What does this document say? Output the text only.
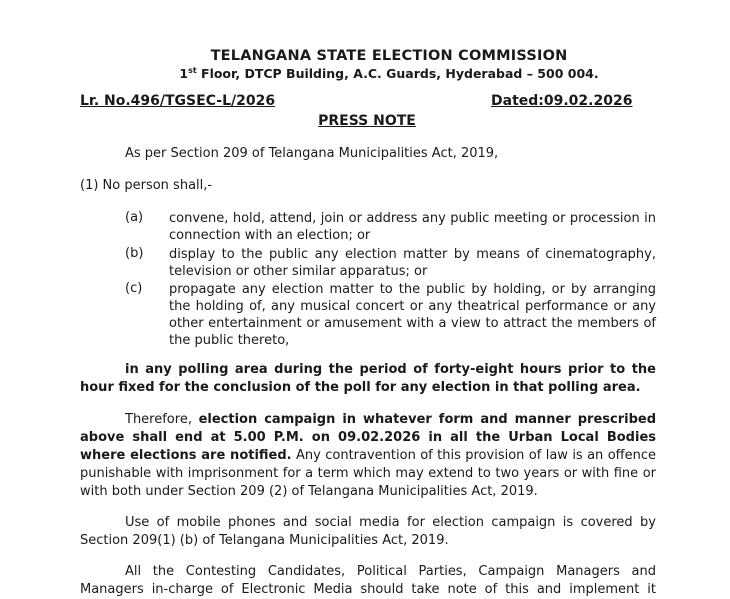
TELANGANA STATE ELECTION COMMISSION
1st Floor, DTCP Building, A.C. Guards, Hyderabad – 500 004.
Lr. No.496/TGSEC-L/2026	Dated:09.02.2026
PRESS NOTE
As per Section 209 of Telangana Municipalities Act, 2019,
(1) No person shall,-
(a) convene, hold, attend, join or address any public meeting or procession in
connection with an election; or
(b) display to the public any election matter by means of cinematography,
television or other similar apparatus; or
(c) propagate any election matter to the public by holding, or by arranging
the holding of, any musical concert or any theatrical performance or any
other entertainment or amusement with a view to attract the members of
the public thereto,
in any polling area during the period of forty-eight hours prior to the
hour fixed for the conclusion of the poll for any election in that polling area.
Therefore, election campaign in whatever form and manner prescribed
above shall end at 5.00 P.M. on 09.02.2026 in all the Urban Local Bodies
where elections are notified. Any contravention of this provision of law is an offence
punishable with imprisonment for a term which may extend to two years or with fine or
with both under Section 209 (2) of Telangana Municipalities Act, 2019.
Use of mobile phones and social media for election campaign is covered by
Section 209(1) (b) of Telangana Municipalities Act, 2019.
All the Contesting Candidates, Political Parties, Campaign Managers and
Managers in-charge of Electronic Media should take note of this and implement it
